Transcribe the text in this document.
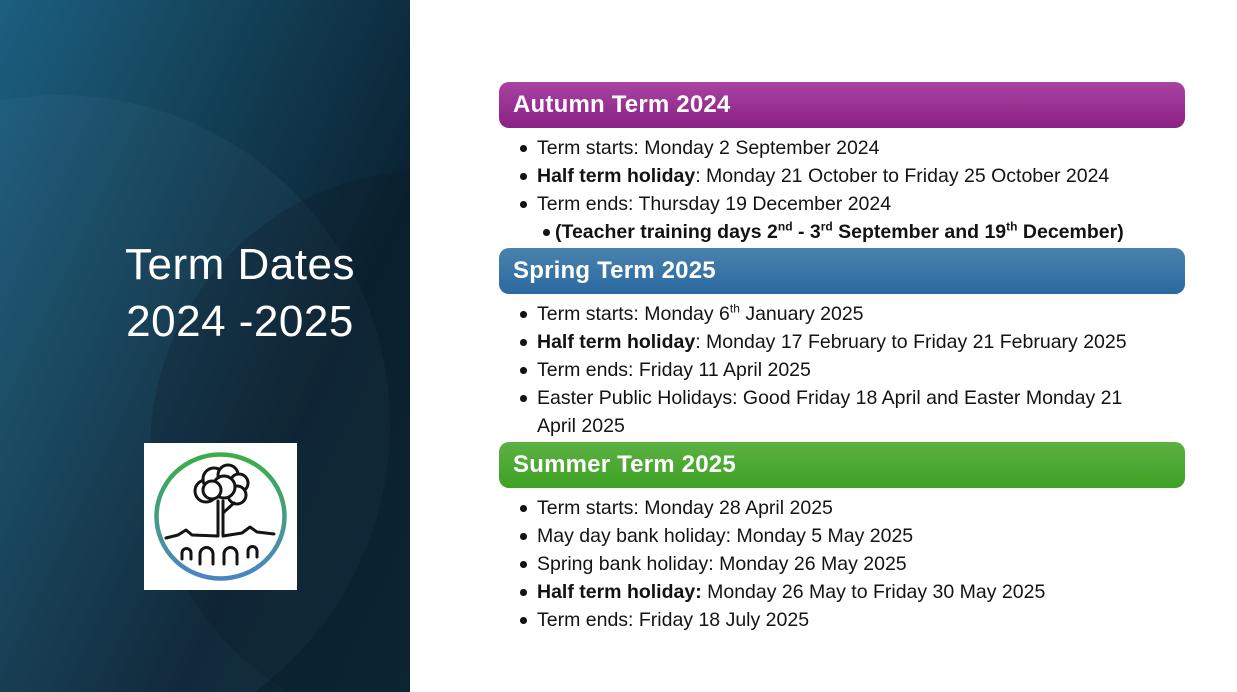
Term Dates
2024 -2025
Autumn Term 2024
Term starts: Monday 2 September 2024
Half term holiday: Monday 21 October to Friday 25 October 2024
Term ends: Thursday 19 December 2024
(Teacher training days 2nd - 3rd September and 19th December)
Spring Term 2025
Term starts: Monday 6th January 2025
Half term holiday: Monday 17 February to Friday 21 February 2025
Term ends: Friday 11 April 2025
Easter Public Holidays: Good Friday 18 April and Easter Monday 21
April 2025
Summer Term 2025
Term starts: Monday 28 April 2025
May day bank holiday: Monday 5 May 2025
Spring bank holiday: Monday 26 May 2025
Half term holiday: Monday 26 May to Friday 30 May 2025
Term ends: Friday 18 July 2025
